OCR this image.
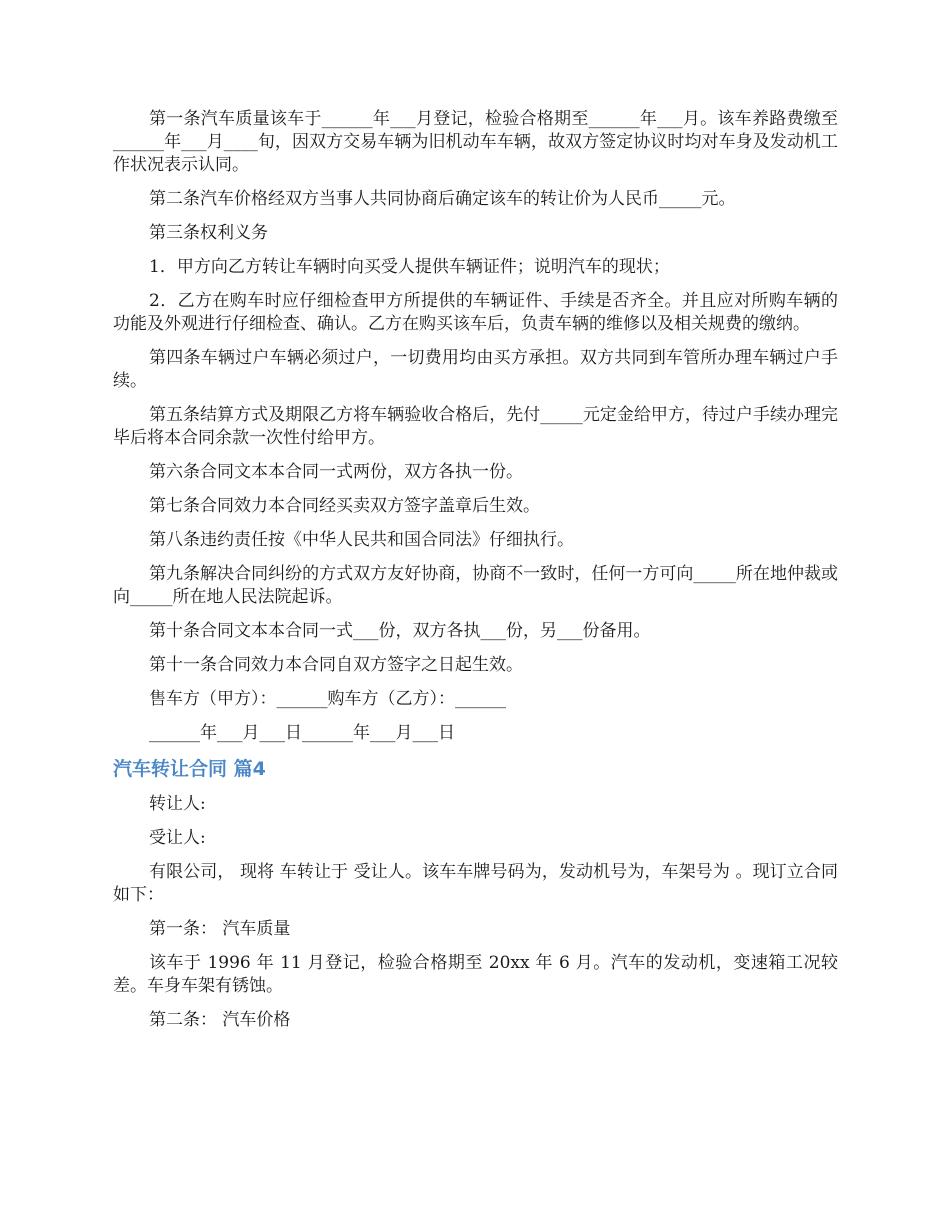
第一条汽车质量该车于______年___月登记，检验合格期至______年___月。该车养路费缴至______年___月____旬，因双方交易车辆为旧机动车车辆，故双方签定协议时均对车身及发动机工作状况表示认同。

第二条汽车价格经双方当事人共同协商后确定该车的转让价为人民币_____元。

第三条权利义务

1．甲方向乙方转让车辆时向买受人提供车辆证件；说明汽车的现状；

2．乙方在购车时应仔细检查甲方所提供的车辆证件、手续是否齐全。并且应对所购车辆的功能及外观进行仔细检查、确认。乙方在购买该车后，负责车辆的维修以及相关规费的缴纳。

第四条车辆过户车辆必须过户，一切费用均由买方承担。双方共同到车管所办理车辆过户手续。

第五条结算方式及期限乙方将车辆验收合格后，先付_____元定金给甲方，待过户手续办理完毕后将本合同余款一次性付给甲方。

第六条合同文本本合同一式两份，双方各执一份。

第七条合同效力本合同经买卖双方签字盖章后生效。

第八条违约责任按《中华人民共和国合同法》仔细执行。

第九条解决合同纠纷的方式双方友好协商，协商不一致时，任何一方可向_____所在地仲裁或向_____所在地人民法院起诉。

第十条合同文本本合同一式___份，双方各执___份，另___份备用。

第十一条合同效力本合同自双方签字之日起生效。

售车方（甲方）：______购车方（乙方）：______

______年___月___日______年___月___日

汽车转让合同 篇4

转让人:

受让人:

有限公司， 现将 车转让于 受让人。该车车牌号码为，发动机号为，车架号为 。现订立合同如下：

第一条： 汽车质量

该车于 1996 年 11 月登记，检验合格期至 20xx 年 6 月。汽车的发动机，变速箱工况较差。车身车架有锈蚀。

第二条： 汽车价格
